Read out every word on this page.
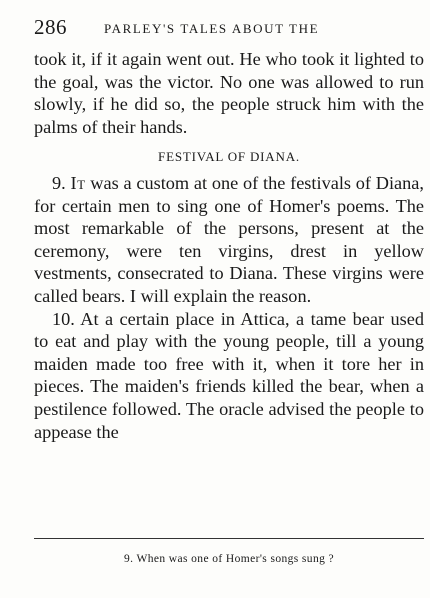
286	PARLEY'S TALES ABOUT THE

took it, if it again went out. He who took it lighted to the goal, was the victor. No one was allowed to run slowly, if he did so, the people struck him with the palms of their hands.

FESTIVAL OF DIANA.

9. It was a custom at one of the festivals of Diana, for certain men to sing one of Homer's poems. The most remarkable of the persons, present at the ceremony, were ten virgins, drest in yellow vestments, consecrated to Diana. These virgins were called bears. I will explain the reason.

10. At a certain place in Attica, a tame bear used to eat and play with the young people, till a young maiden made too free with it, when it tore her in pieces. The maiden's friends killed the bear, when a pestilence followed. The oracle advised the people to appease the

9. When was one of Homer's songs sung ?
